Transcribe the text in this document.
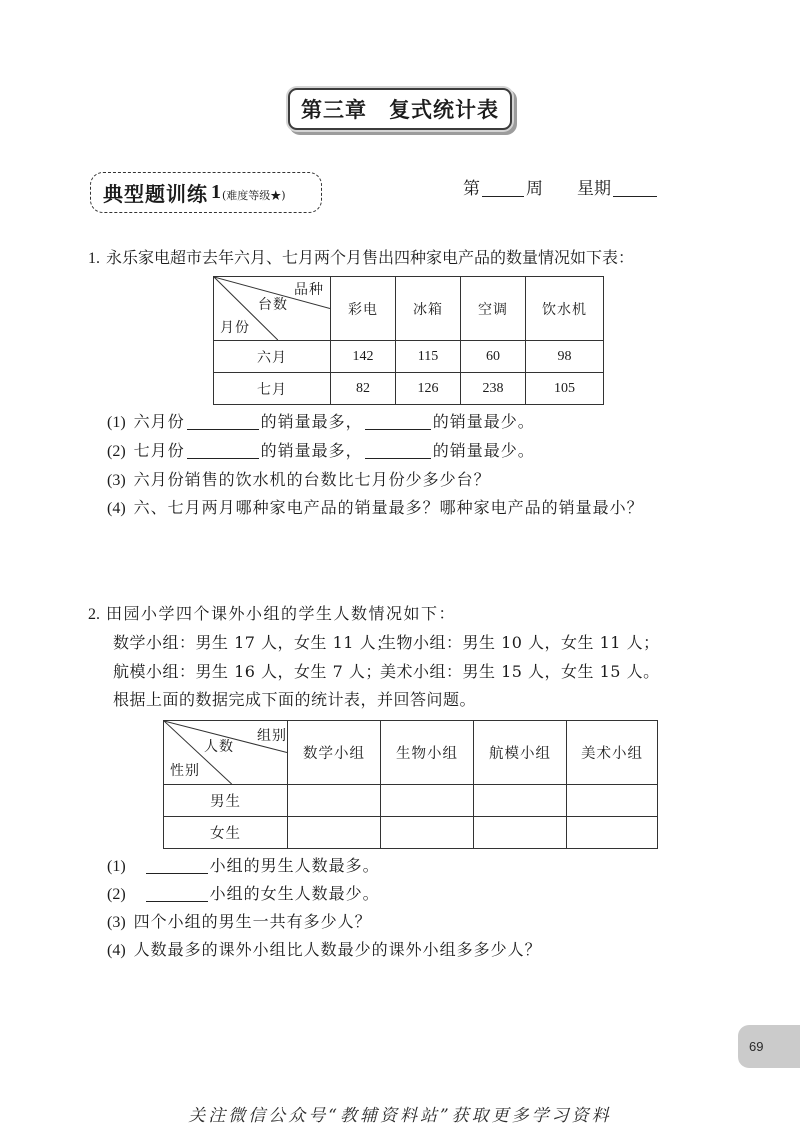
第三章 复式统计表
典型题训练 1 (难度等级★)	第	周 星期
1. 永乐家电超市去年六月、七月两个月售出四种家电产品的数量情况如下表：
品种
台数
月份	彩电	冰箱	空调	饮水机
六月	142	115	60	98
七月	82	126	238	105
(1) 六月份	的销量最多，	的销量最少。
(2) 七月份	的销量最多，	的销量最少。
(3) 六月份销售的饮水机的台数比七月份少多少台？
(4) 六、七月两月哪种家电产品的销量最多？哪种家电产品的销量最小？
2. 田园小学四个课外小组的学生人数情况如下：
数学小组：男生 17 人，女生 11 人；
生物小组：男生 10 人，女生 11 人；
航模小组：男生 16 人，女生 7 人；
美术小组：男生 15 人，女生 15 人。
根据上面的数据完成下面的统计表，并回答问题。
组别
人数
性别	数学小组	生物小组	航模小组	美术小组
男生				
女生				
(1)	小组的男生人数最多。
(2)	小组的女生人数最少。
(3) 四个小组的男生一共有多少人？
(4) 人数最多的课外小组比人数最少的课外小组多多少人？
69
关注微信公众号“教辅资料站”获取更多学习资料
